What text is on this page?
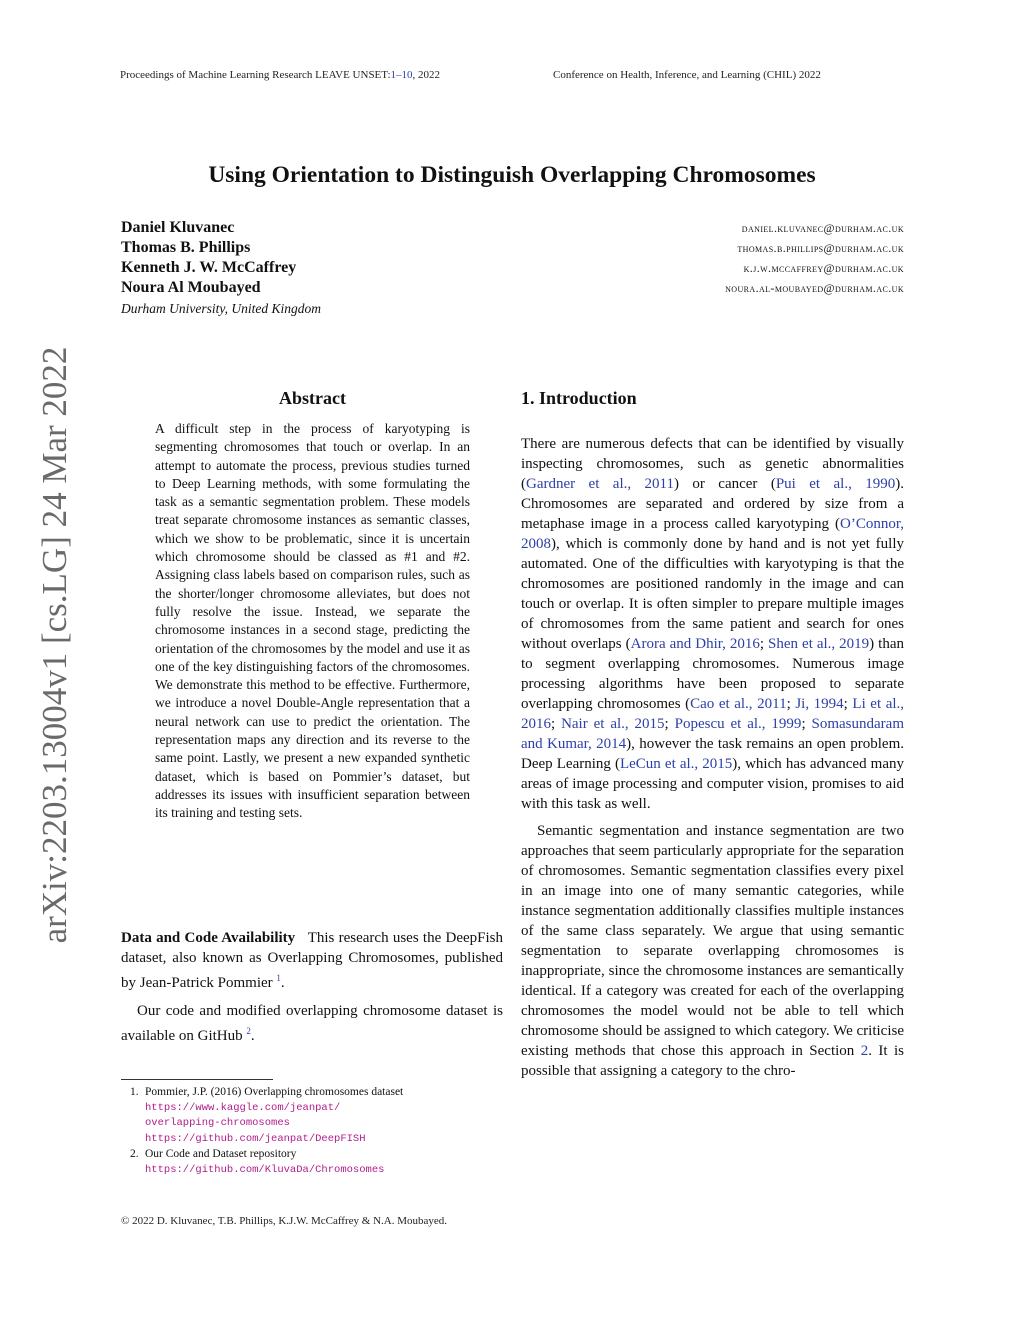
Proceedings of Machine Learning Research LEAVE UNSET:1–10, 2022	Conference on Health, Inference, and Learning (CHIL) 2022
Using Orientation to Distinguish Overlapping Chromosomes
Daniel Kluvanec	daniel.kluvanec@durham.ac.uk
Thomas B. Phillips	thomas.b.phillips@durham.ac.uk
Kenneth J. W. McCaffrey	k.j.w.mccaffrey@durham.ac.uk
Noura Al Moubayed	noura.al-moubayed@durham.ac.uk
Durham University, United Kingdom
arXiv:2203.13004v1 [cs.LG] 24 Mar 2022	Abstract
A difficult step in the process of karyotyping is segmenting chromosomes that touch or overlap. In an attempt to automate the process, previous studies turned to Deep Learning methods, with some formulating the task as a semantic segmentation problem. These models treat separate chromosome instances as semantic classes, which we show to be problematic, since it is uncertain which chromosome should be classed as #1 and #2. Assigning class labels based on comparison rules, such as the shorter/longer chromosome alleviates, but does not fully resolve the issue. Instead, we separate the chromosome instances in a second stage, predicting the orientation of the chromosomes by the model and use it as one of the key distinguishing factors of the chromosomes. We demonstrate this method to be effective. Furthermore, we introduce a novel Double-Angle representation that a neural network can use to predict the orientation. The representation maps any direction and its reverse to the same point. Lastly, we present a new expanded synthetic dataset, which is based on Pommier’s dataset, but addresses its issues with insufficient separation between its training and testing sets.

Data and Code Availability This research uses the DeepFish dataset, also known as Overlapping Chromosomes, published by Jean-Patrick Pommier $^1$.

Our code and modified overlapping chromosome dataset is available on GitHub $^2$.

1. Pommier, J.P. (2016) Overlapping chromosomes dataset
https://www.kaggle.com/jeanpat/
overlapping-chromosomes
https://github.com/jeanpat/DeepFISH
2. Our Code and Dataset repository
https://github.com/KluvaDa/Chromosomes
1. Introduction

There are numerous defects that can be identified by visually inspecting chromosomes, such as genetic abnormalities (Gardner et al., 2011) or cancer (Pui et al., 1990). Chromosomes are separated and ordered by size from a metaphase image in a process called karyotyping (O’Connor, 2008), which is commonly done by hand and is not yet fully automated. One of the difficulties with karyotyping is that the chromosomes are positioned randomly in the image and can touch or overlap. It is often simpler to prepare multiple images of chromosomes from the same patient and search for ones without overlaps (Arora and Dhir, 2016; Shen et al., 2019) than to segment overlapping chromosomes. Numerous image processing algorithms have been proposed to separate overlapping chromosomes (Cao et al., 2011; Ji, 1994; Li et al., 2016; Nair et al., 2015; Popescu et al., 1999; Somasundaram and Kumar, 2014), however the task remains an open problem. Deep Learning (LeCun et al., 2015), which has advanced many areas of image processing and computer vision, promises to aid with this task as well.

Semantic segmentation and instance segmentation are two approaches that seem particularly appropriate for the separation of chromosomes. Semantic segmentation classifies every pixel in an image into one of many semantic categories, while instance segmentation additionally classifies multiple instances of the same class separately. We argue that using semantic segmentation to separate overlapping chromosomes is inappropriate, since the chromosome instances are semantically identical. If a category was created for each of the overlapping chromosomes the model would not be able to tell which chromosome should be assigned to which category. We criticise existing methods that chose this approach in Section 2. It is possible that assigning a category to the chro-

© 2022 D. Kluvanec, T.B. Phillips, K.J.W. McCaffrey & N.A. Moubayed.
